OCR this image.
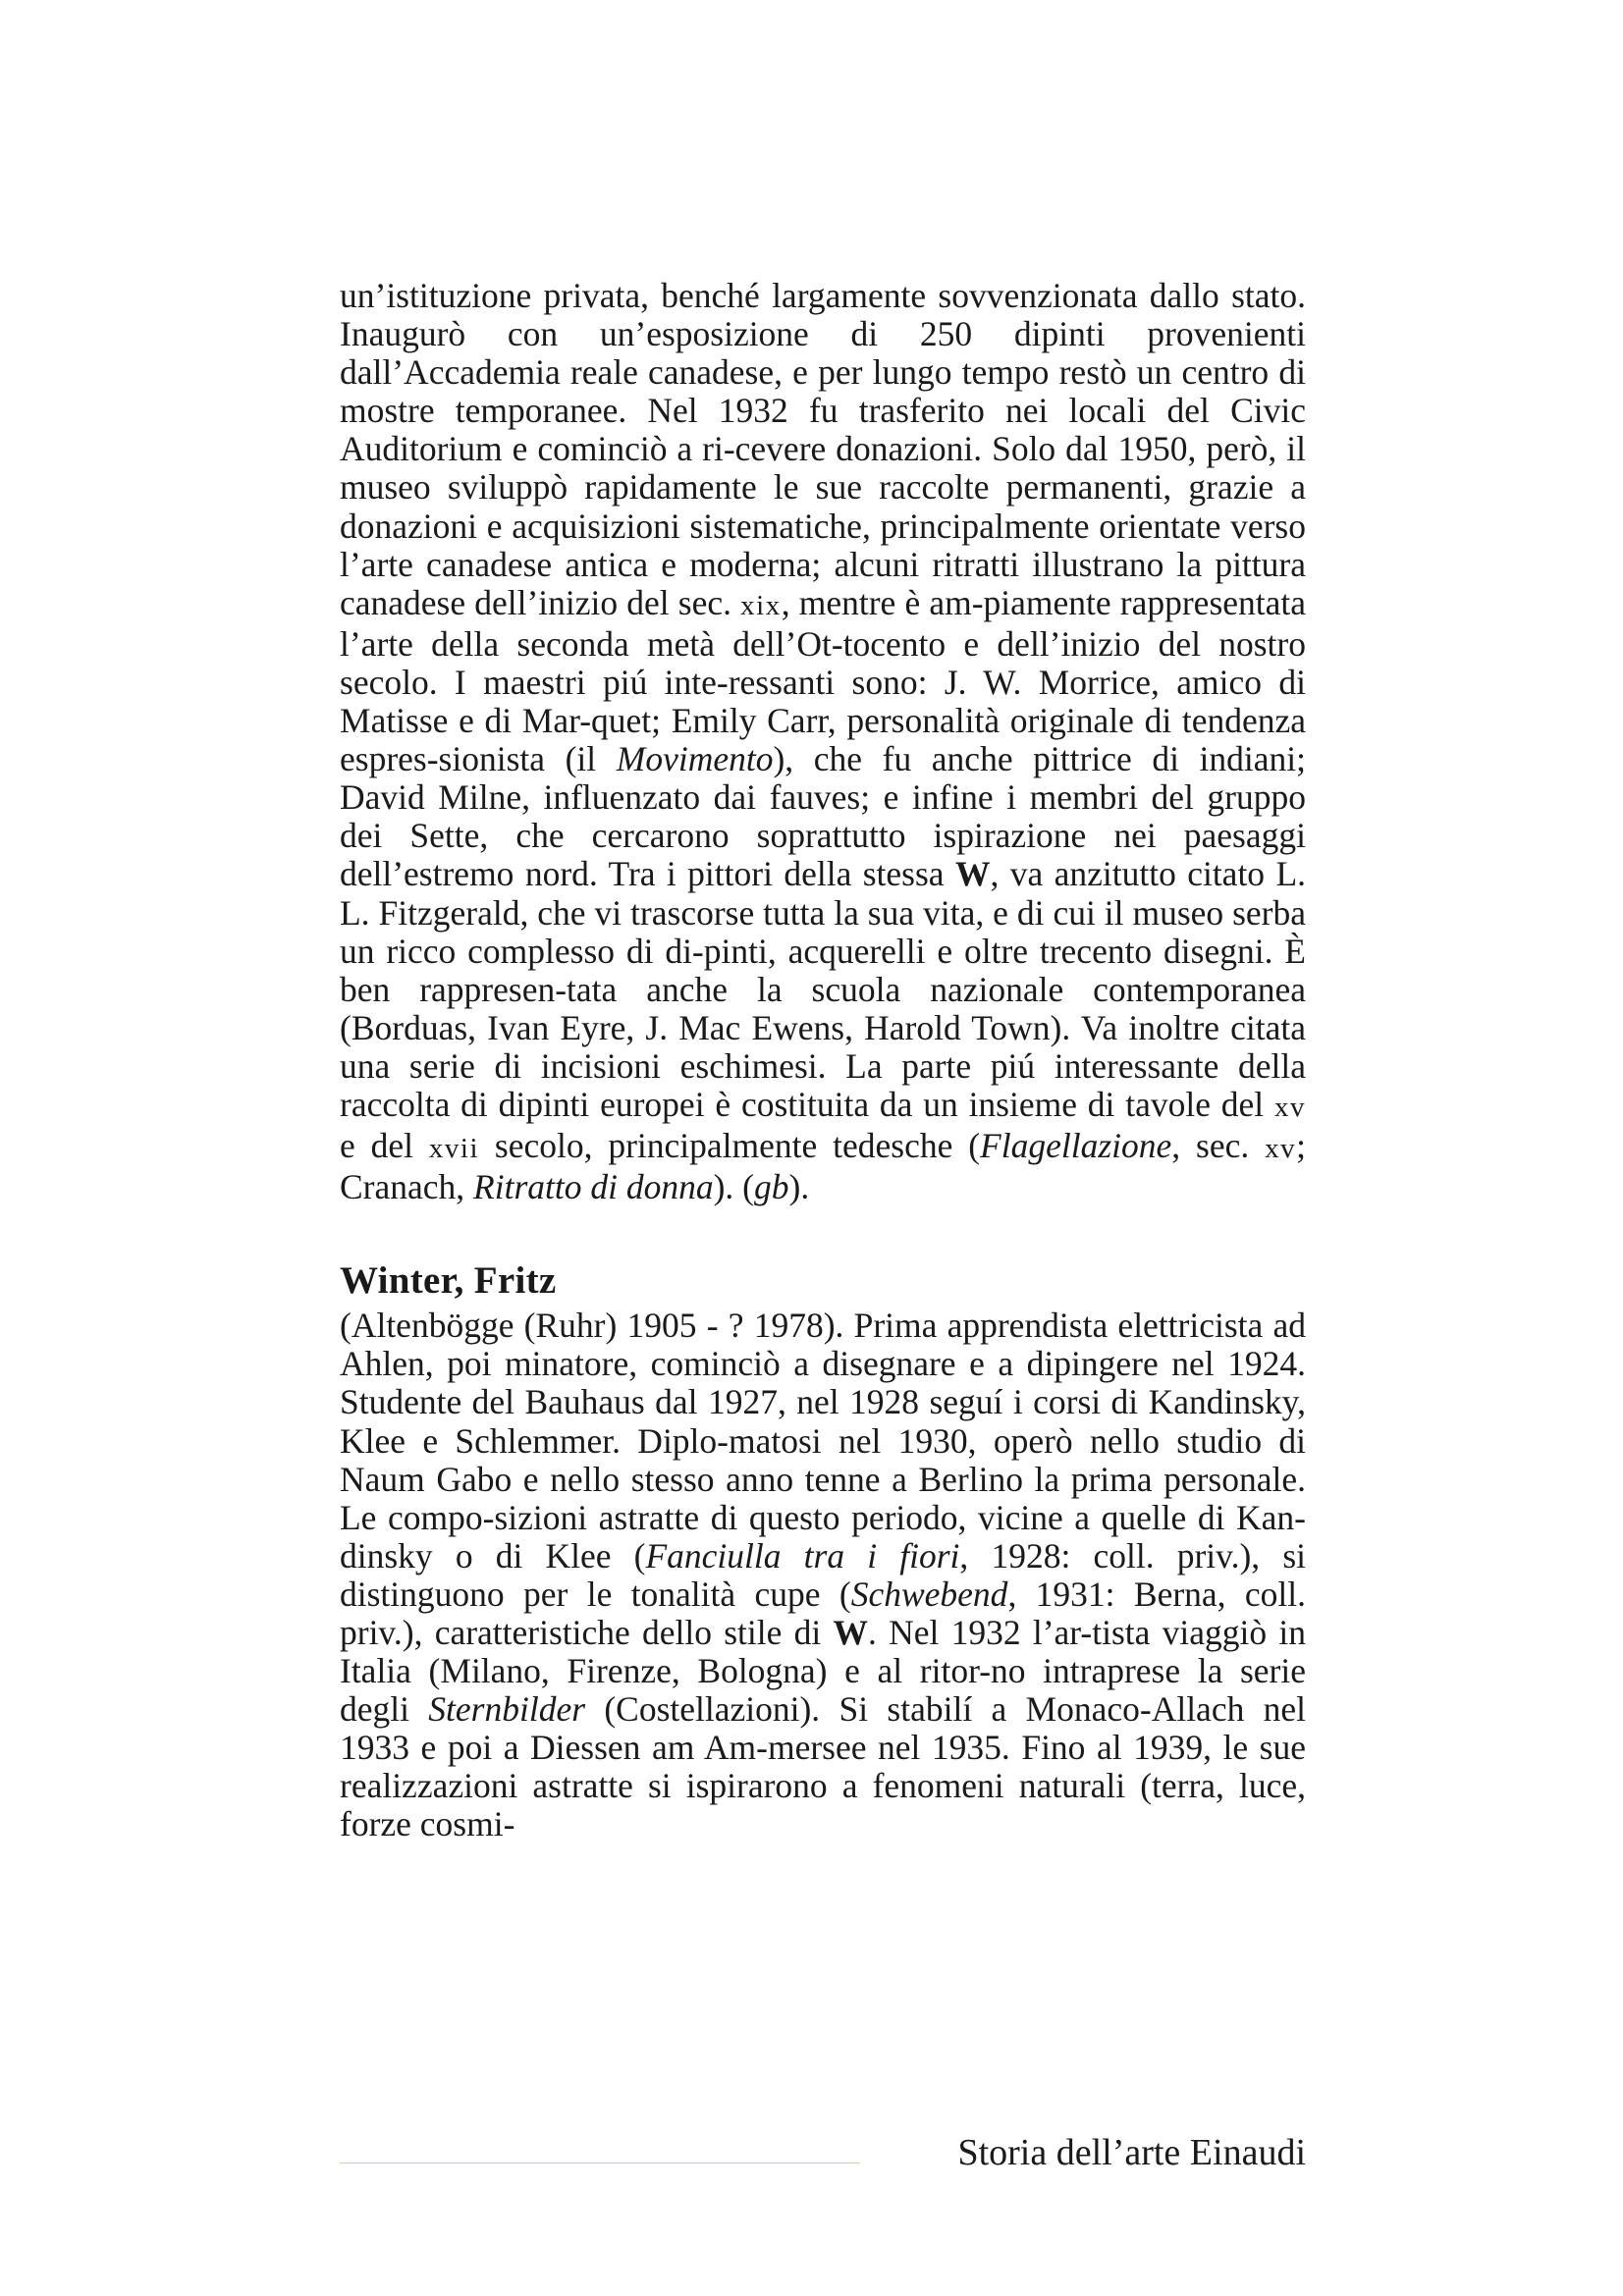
un’istituzione privata, benché largamente sovvenzionata dallo stato. Inaugurò con un’esposizione di 250 dipinti provenienti dall’Accademia reale canadese, e per lungo tempo restò un centro di mostre temporanee. Nel 1932 fu trasferito nei locali del Civic Auditorium e cominciò a ri-cevere donazioni. Solo dal 1950, però, il museo sviluppò rapidamente le sue raccolte permanenti, grazie a donazioni e acquisizioni sistematiche, principalmente orientate verso l’arte canadese antica e moderna; alcuni ritratti illustrano la pittura canadese dell’inizio del sec. xix, mentre è am-piamente rappresentata l’arte della seconda metà dell’Ot-tocento e dell’inizio del nostro secolo. I maestri piú inte-ressanti sono: J. W. Morrice, amico di Matisse e di Mar-quet; Emily Carr, personalità originale di tendenza espres-sionista (il Movimento), che fu anche pittrice di indiani; David Milne, influenzato dai fauves; e infine i membri del gruppo dei Sette, che cercarono soprattutto ispirazione nei paesaggi dell’estremo nord. Tra i pittori della stessa W, va anzitutto citato L. L. Fitzgerald, che vi trascorse tutta la sua vita, e di cui il museo serba un ricco complesso di di-pinti, acquerelli e oltre trecento disegni. È ben rappresen-tata anche la scuola nazionale contemporanea (Borduas, Ivan Eyre, J. Mac Ewens, Harold Town). Va inoltre citata una serie di incisioni eschimesi. La parte piú interessante della raccolta di dipinti europei è costituita da un insieme di tavole del xv e del xvii secolo, principalmente tedesche (Flagellazione, sec. xv; Cranach, Ritratto di donna). (gb).

Winter, Fritz

(Altenbögge (Ruhr) 1905 - ? 1978). Prima apprendista elettricista ad Ahlen, poi minatore, cominciò a disegnare e a dipingere nel 1924. Studente del Bauhaus dal 1927, nel 1928 seguí i corsi di Kandinsky, Klee e Schlemmer. Diplo-matosi nel 1930, operò nello studio di Naum Gabo e nello stesso anno tenne a Berlino la prima personale. Le compo-sizioni astratte di questo periodo, vicine a quelle di Kan-dinsky o di Klee (Fanciulla tra i fiori, 1928: coll. priv.), si distinguono per le tonalità cupe (Schwebend, 1931: Berna, coll. priv.), caratteristiche dello stile di W. Nel 1932 l’ar-tista viaggiò in Italia (Milano, Firenze, Bologna) e al ritor-no intraprese la serie degli Sternbilder (Costellazioni). Si stabilí a Monaco-Allach nel 1933 e poi a Diessen am Am-mersee nel 1935. Fino al 1939, le sue realizzazioni astratte si ispirarono a fenomeni naturali (terra, luce, forze cosmi-

Storia dell’arte Einaudi
